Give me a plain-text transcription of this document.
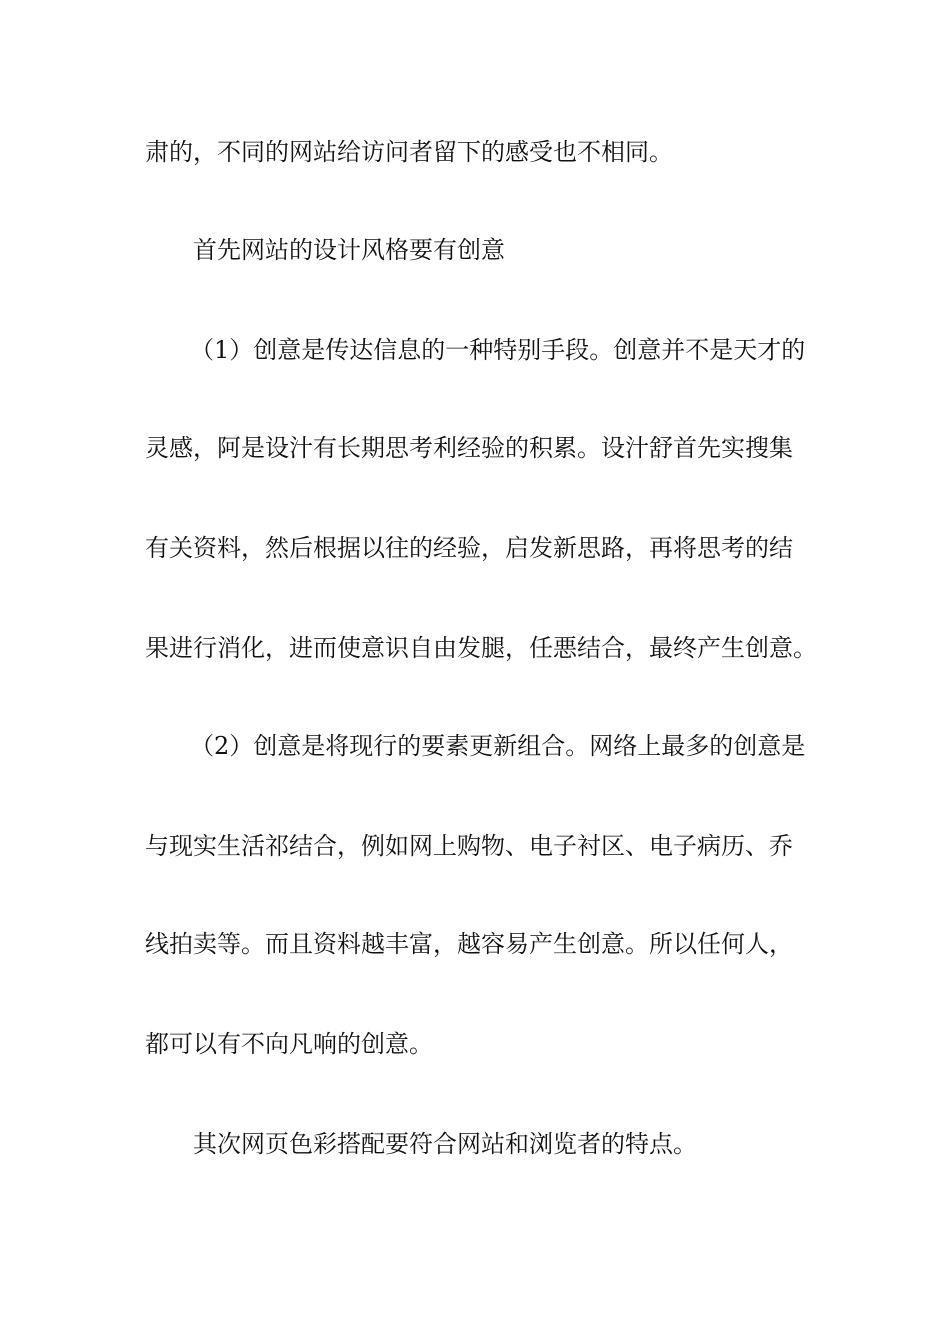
肃的，不同的网站给访问者留下的感受也不相同。
首先网站的设计风格要有创意
（1）创意是传达信息的一种特别手段。创意并不是天才的
灵感，阿是设汁有长期思考利经验的积累。设汁舒首先实搜集
有关资料，然后根据以往的经验，启发新思路，再将思考的结
果进行消化，进而使意识自由发腿，任悪结合，最终产生创意。
（2）创意是将现行的要素更新组合。网络上最多的创意是
与现实生活祁结合，例如网上购物、电子衬区、电子病历、乔
线拍卖等。而且资料越丰富，越容易产生创意。所以任何人，
都可以有不向凡响的创意。
其次网页色彩搭配要符合网站和浏览者的特点。
